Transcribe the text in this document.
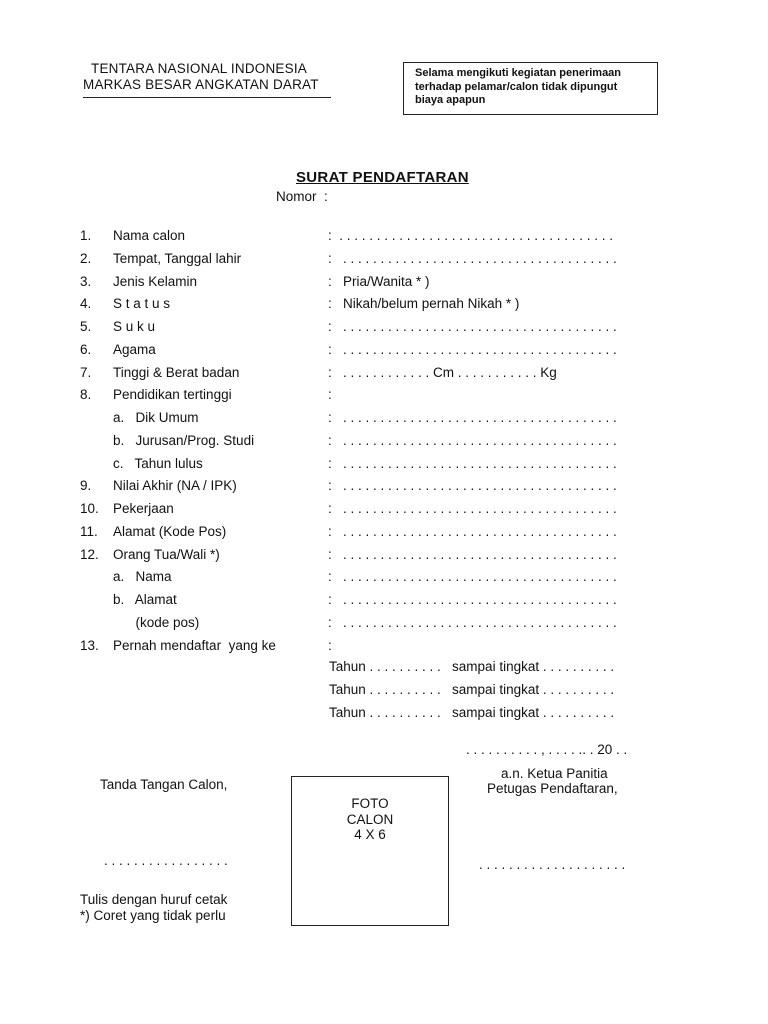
TENTARA NASIONAL INDONESIA
MARKAS BESAR ANGKATAN DARAT
Selama mengikuti kegiatan penerimaan
terhadap pelamar/calon tidak dipungut
biaya apapun
SURAT PENDAFTARAN
Nomor  :
1. Nama calon	:  . . . . . . . . . . . . . . . . . . . . . . . . . . . . . . . . . . . . .
2. Tempat, Tanggal lahir	:   . . . . . . . . . . . . . . . . . . . . . . . . . . . . . . . . . . . . .
3. Jenis Kelamin	:   Pria/Wanita * )
4. S t a t u s	:   Nikah/belum pernah Nikah * )
5. S u k u	:   . . . . . . . . . . . . . . . . . . . . . . . . . . . . . . . . . . . . .
6. Agama	:   . . . . . . . . . . . . . . . . . . . . . . . . . . . . . . . . . . . . .
7. Tinggi & Berat badan	:   . . . . . . . . . . . . Cm . . . . . . . . . . . Kg
8. Pendidikan tertinggi	:
a.   Dik Umum	:   . . . . . . . . . . . . . . . . . . . . . . . . . . . . . . . . . . . . .
b.   Jurusan/Prog. Studi	:   . . . . . . . . . . . . . . . . . . . . . . . . . . . . . . . . . . . . .
c.   Tahun lulus	:   . . . . . . . . . . . . . . . . . . . . . . . . . . . . . . . . . . . . .
9. Nilai Akhir (NA / IPK)	:   . . . . . . . . . . . . . . . . . . . . . . . . . . . . . . . . . . . . .
10. Pekerjaan	:   . . . . . . . . . . . . . . . . . . . . . . . . . . . . . . . . . . . . .
11. Alamat (Kode Pos)	:   . . . . . . . . . . . . . . . . . . . . . . . . . . . . . . . . . . . . .
12. Orang Tua/Wali *)	:   . . . . . . . . . . . . . . . . . . . . . . . . . . . . . . . . . . . . .
a.   Nama	:   . . . . . . . . . . . . . . . . . . . . . . . . . . . . . . . . . . . . .
b.   Alamat	:   . . . . . . . . . . . . . . . . . . . . . . . . . . . . . . . . . . . . .
(kode pos)	:   . . . . . . . . . . . . . . . . . . . . . . . . . . . . . . . . . . . . .
13. Pernah mendaftar  yang ke	:
Tahun . . . . . . . . . .   sampai tingkat . . . . . . . . . .
Tahun . . . . . . . . . .   sampai tingkat . . . . . . . . . .
Tahun . . . . . . . . . .   sampai tingkat . . . . . . . . . .
. . . . . . . . . . , . . . . .. . 20 . .
a.n. Ketua Panitia
Petugas Pendaftaran,
Tanda Tangan Calon,
FOTO
CALON
4 X 6
. . . . . . . . . . . . . . . . .	. . . . . . . . . . . . . . . . . . . .
Tulis dengan huruf cetak
*) Coret yang tidak perlu
